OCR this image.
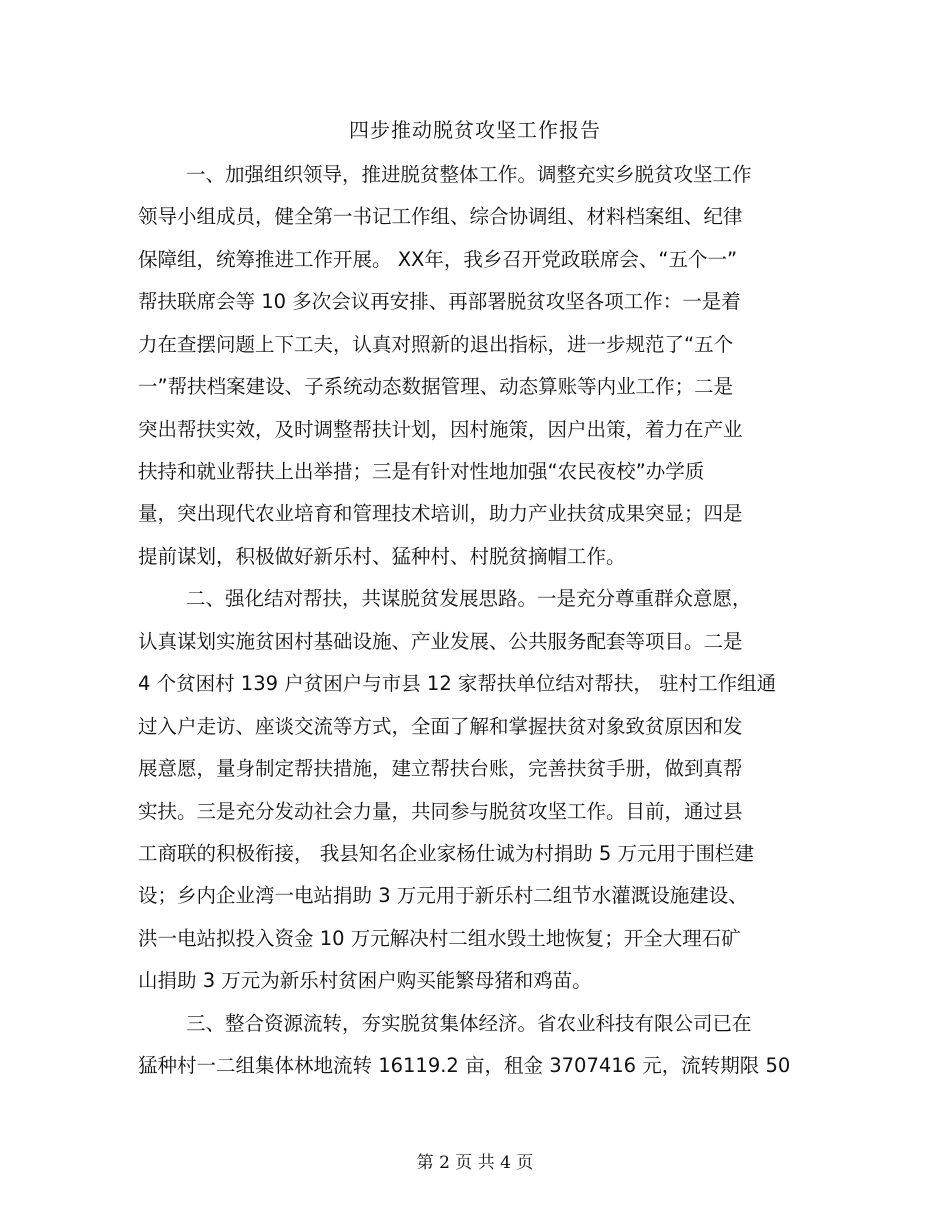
四步推动脱贫攻坚工作报告
一、加强组织领导，推进脱贫整体工作。调整充实乡脱贫攻坚工作
领导小组成员，健全第一书记工作组、综合协调组、材料档案组、纪律
保障组，统筹推进工作开展。 XX年，我乡召开党政联席会、“五个一”
帮扶联席会等 10 多次会议再安排、再部署脱贫攻坚各项工作：一是着
力在查摆问题上下工夫，认真对照新的退出指标，进一步规范了“五个
一”帮扶档案建设、子系统动态数据管理、动态算账等内业工作；二是
突出帮扶实效，及时调整帮扶计划，因村施策，因户出策，着力在产业
扶持和就业帮扶上出举措；三是有针对性地加强“农民夜校”办学质
量，突出现代农业培育和管理技术培训，助力产业扶贫成果突显；四是
提前谋划，积极做好新乐村、猛种村、村脱贫摘帽工作。
二、强化结对帮扶，共谋脱贫发展思路。一是充分尊重群众意愿，
认真谋划实施贫困村基础设施、产业发展、公共服务配套等项目。二是
4 个贫困村 139 户贫困户与市县 12 家帮扶单位结对帮扶， 驻村工作组通
过入户走访、座谈交流等方式，全面了解和掌握扶贫对象致贫原因和发
展意愿，量身制定帮扶措施，建立帮扶台账，完善扶贫手册，做到真帮
实扶。三是充分发动社会力量，共同参与脱贫攻坚工作。目前，通过县
工商联的积极衔接， 我县知名企业家杨仕诚为村捐助 5 万元用于围栏建
设；乡内企业湾一电站捐助 3 万元用于新乐村二组节水灌溉设施建设、
洪一电站拟投入资金 10 万元解决村二组水毁土地恢复；开全大理石矿
山捐助 3 万元为新乐村贫困户购买能繁母猪和鸡苗。
三、整合资源流转，夯实脱贫集体经济。省农业科技有限公司已在
猛种村一二组集体林地流转 16119.2 亩，租金 3707416 元，流转期限 50
第 2 页 共 4 页
